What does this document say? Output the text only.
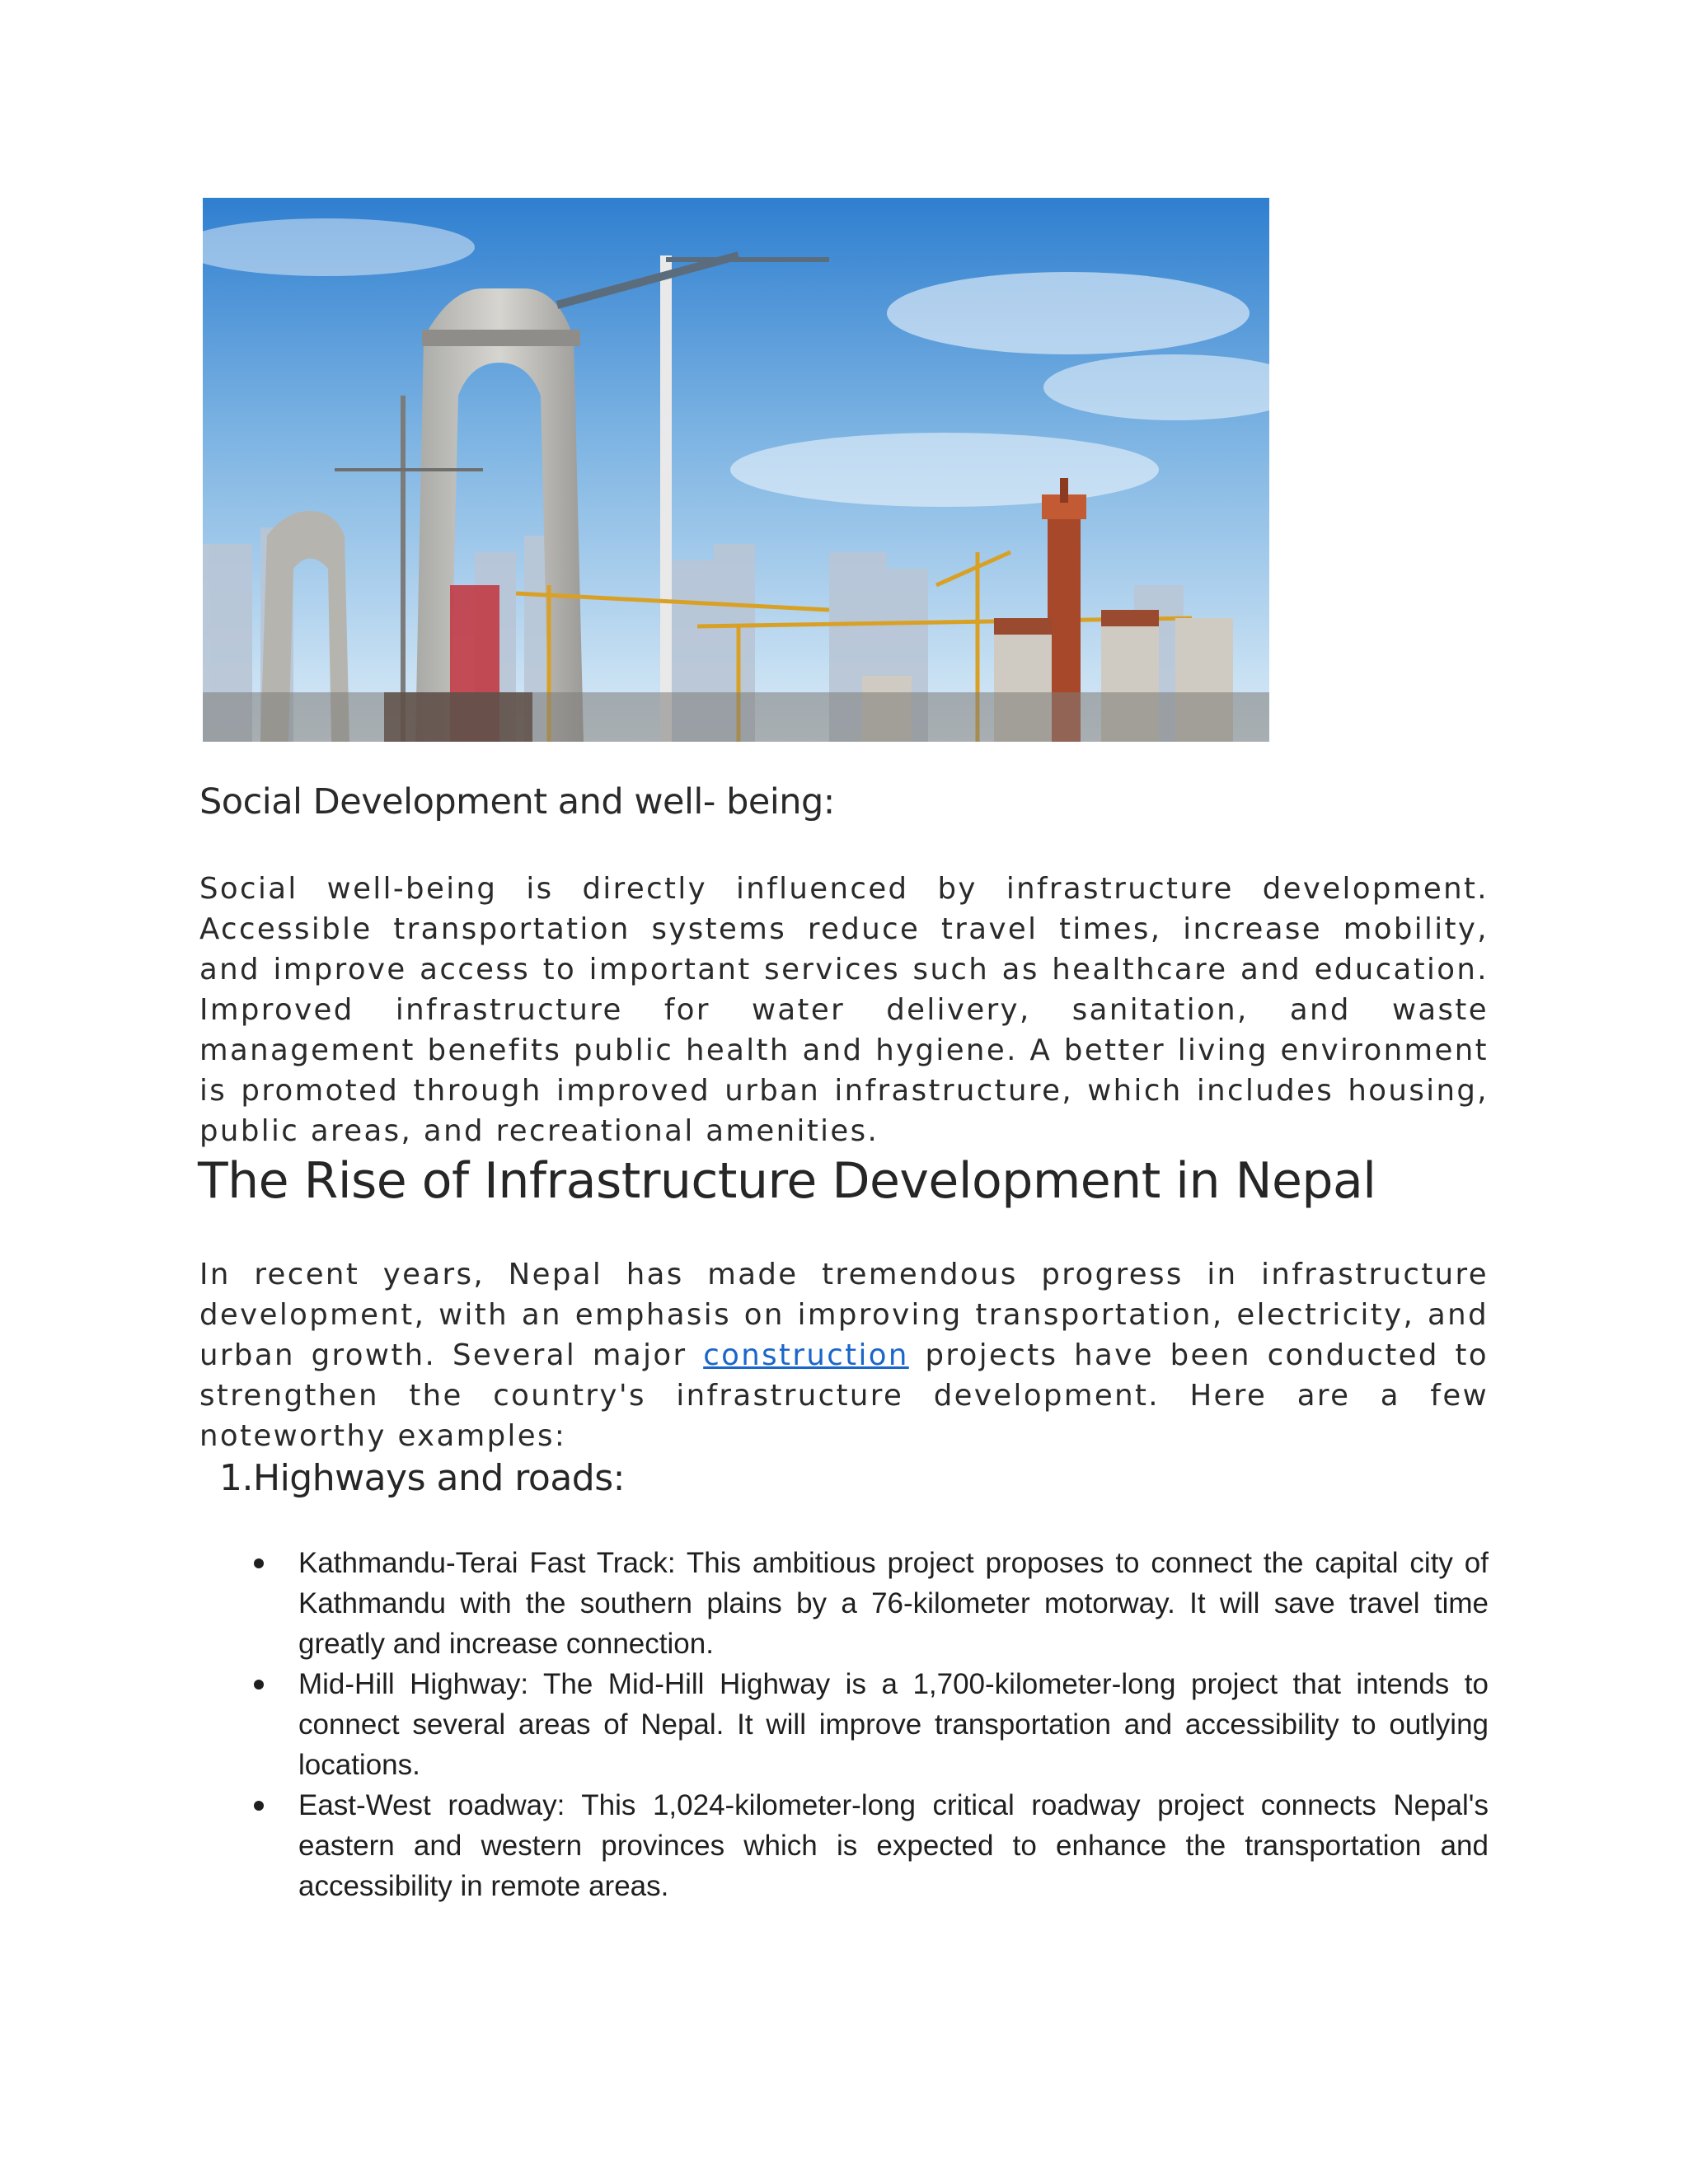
Social Development and well- being:

Social well-being is directly influenced by infrastructure development. Accessible transportation systems reduce travel times, increase mobility, and improve access to important services such as healthcare and education. Improved infrastructure for water delivery, sanitation, and waste management benefits public health and hygiene. A better living environment is promoted through improved urban infrastructure, which includes housing, public areas, and recreational amenities.

The Rise of Infrastructure Development in Nepal

In recent years, Nepal has made tremendous progress in infrastructure development, with an emphasis on improving transportation, electricity, and urban growth. Several major construction projects have been conducted to strengthen the country's infrastructure development. Here are a few noteworthy examples:

1.Highways and roads:
Kathmandu-Terai Fast Track: This ambitious project proposes to connect the capital city of Kathmandu with the southern plains by a 76-kilometer motorway. It will save travel time greatly and increase connection.
Mid-Hill Highway: The Mid-Hill Highway is a 1,700-kilometer-long project that intends to connect several areas of Nepal. It will improve transportation and accessibility to outlying locations.
East-West roadway: This 1,024-kilometer-long critical roadway project connects Nepal's eastern and western provinces which is expected to enhance the transportation and accessibility in remote areas.
